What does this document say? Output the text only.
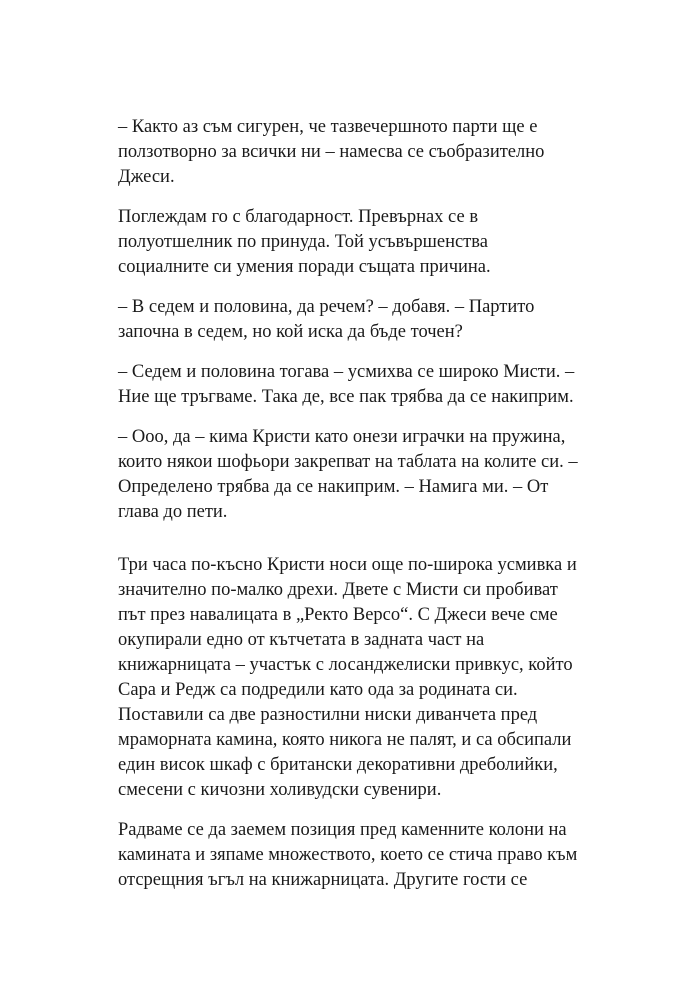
– Както аз съм сигурен, че тазвечершното парти ще е
ползотворно за всички ни – намесва се съобразително
Джеси.

Поглеждам го с благодарност. Превърнах се в
полуотшелник по принуда. Той усъвършенства
социалните си умения поради същата причина.

– В седем и половина, да речем? – добавя. – Партито
започна в седем, но кой иска да бъде точен?

– Седем и половина тогава – усмихва се широко Мисти. –
Ние ще тръгваме. Така де, все пак трябва да се накиприм.

– Ооо, да – кима Кристи като онези играчки на пружина,
които някои шофьори закрепват на таблата на колите си. –
Определено трябва да се накиприм. – Намига ми. – От
глава до пети.

Три часа по-късно Кристи носи още по-широка усмивка и
значително по-малко дрехи. Двете с Мисти си пробиват
път през навалицата в „Ректо Версо“. С Джеси вече сме
окупирали едно от кътчетата в задната част на
книжарницата – участък с лосанджелиски привкус, който
Сара и Редж са подредили като ода за родината си.
Поставили са две разностилни ниски диванчета пред
мраморната камина, която никога не палят, и са обсипали
един висок шкаф с британски декоративни дреболийки,
смесени с кичозни холивудски сувенири.

Радваме се да заемем позиция пред каменните колони на
камината и зяпаме множеството, което се стича право към
отсрещния ъгъл на книжарницата. Другите гости се
